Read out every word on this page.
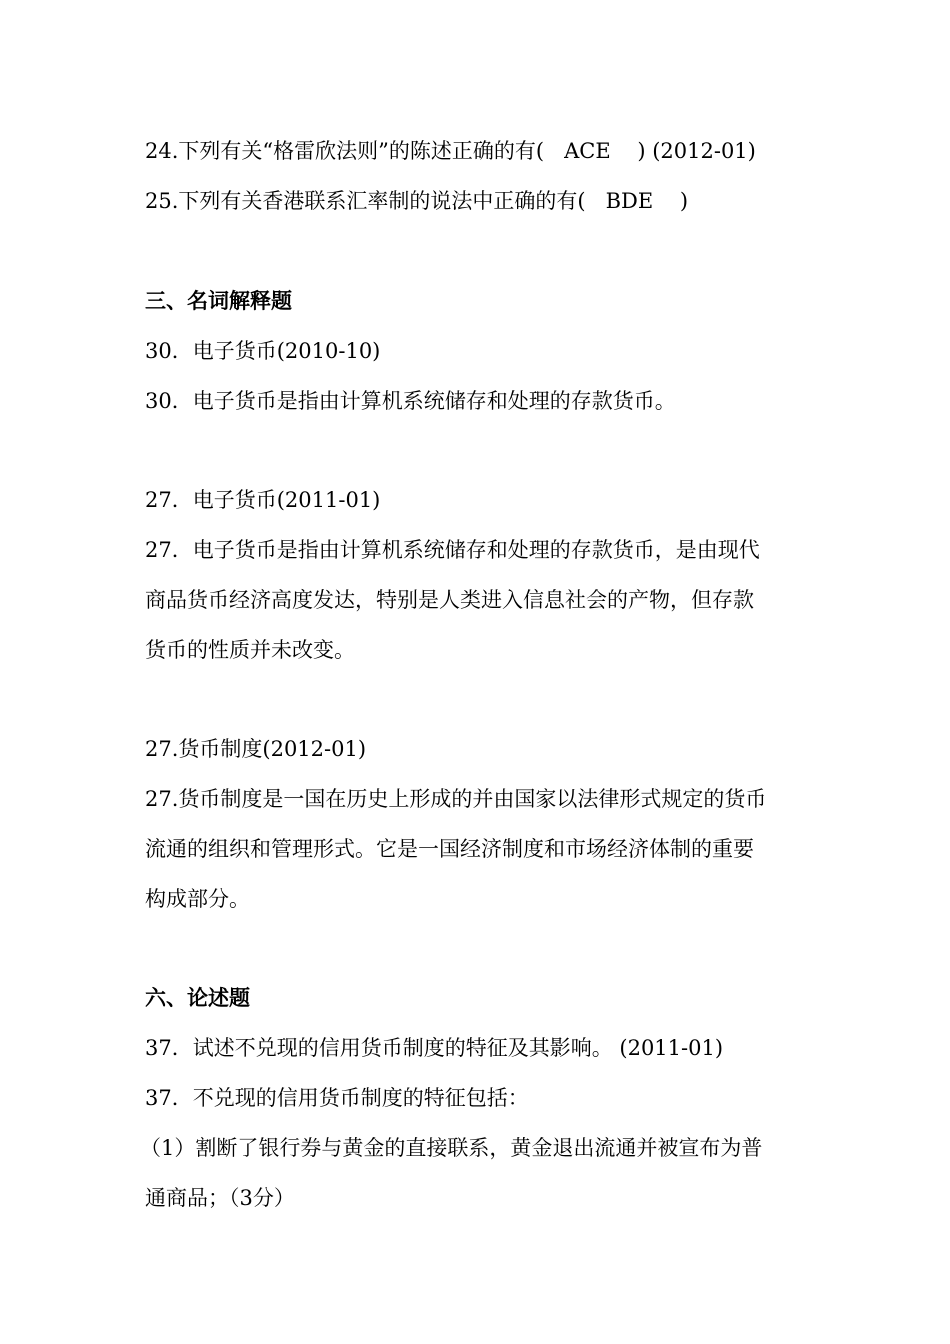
24.下列有关“格雷欣法则”的陈述正确的有(   ACE    ) (2012-01)
25.下列有关香港联系汇率制的说法中正确的有(   BDE    )
三、名词解释题
30．电子货币(2010-10)
30．电子货币是指由计算机系统储存和处理的存款货币。
27．电子货币(2011-01)
27．电子货币是指由计算机系统储存和处理的存款货币，是由现代
商品货币经济高度发达，特别是人类进入信息社会的产物，但存款
货币的性质并未改变。
27.货币制度(2012-01)
27.货币制度是一国在历史上形成的并由国家以法律形式规定的货币
流通的组织和管理形式。它是一国经济制度和市场经济体制的重要
构成部分。
六、论述题
37．试述不兑现的信用货币制度的特征及其影响。 (2011-01)
37．不兑现的信用货币制度的特征包括：
（1）割断了银行券与黄金的直接联系，黄金退出流通并被宣布为普
通商品；（3分）
